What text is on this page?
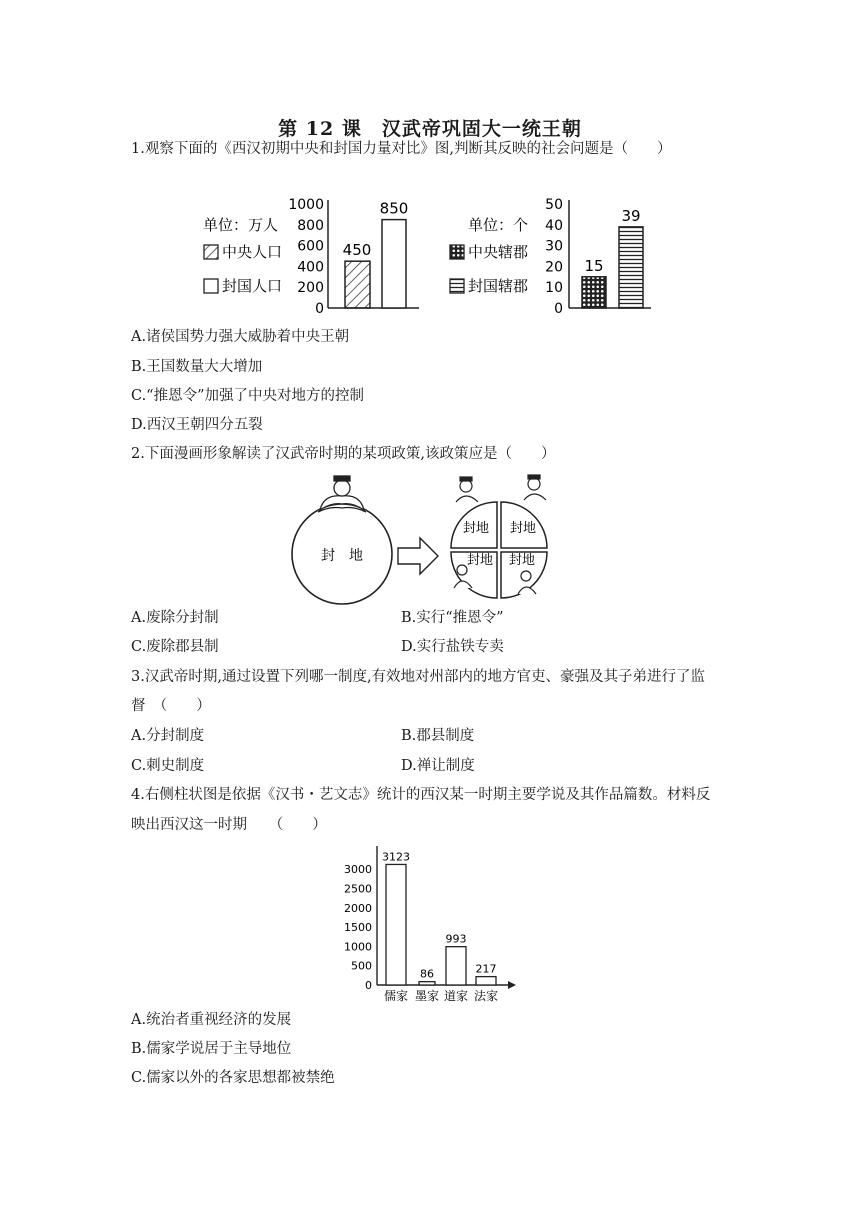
第 12 课　汉武帝巩固大一统王朝
1.观察下面的《西汉初期中央和封国力量对比》图,判断其反映的社会问题是（　　）
单位：万人
中央人口
封国人口
1000
800
600
400
200
0
450
850
单位：个
中央辖郡
封国辖郡
50
40
30
20
10
0
15
39
A.诸侯国势力强大威胁着中央王朝
B.王国数量大大增加
C.“推恩令”加强了中央对地方的控制
D.西汉王朝四分五裂
2.下面漫画形象解读了汉武帝时期的某项政策,该政策应是（　　）
封　地
封地 封地
封地 封地
A.废除分封制	B.实行“推恩令”
C.废除郡县制	D.实行盐铁专卖
3.汉武帝时期,通过设置下列哪一制度,有效地对州部内的地方官吏、豪强及其子弟进行了监
督　（　　）
A.分封制度	B.郡县制度
C.刺史制度	D.禅让制度
4.右侧柱状图是依据《汉书・艺文志》统计的西汉某一时期主要学说及其作品篇数。材料反
映出西汉这一时期　　（　　）
3000
2500
2000
1500
1000
500
0
3123
儒家
86
墨家
993
道家
217
法家
A.统治者重视经济的发展
B.儒家学说居于主导地位
C.儒家以外的各家思想都被禁绝
